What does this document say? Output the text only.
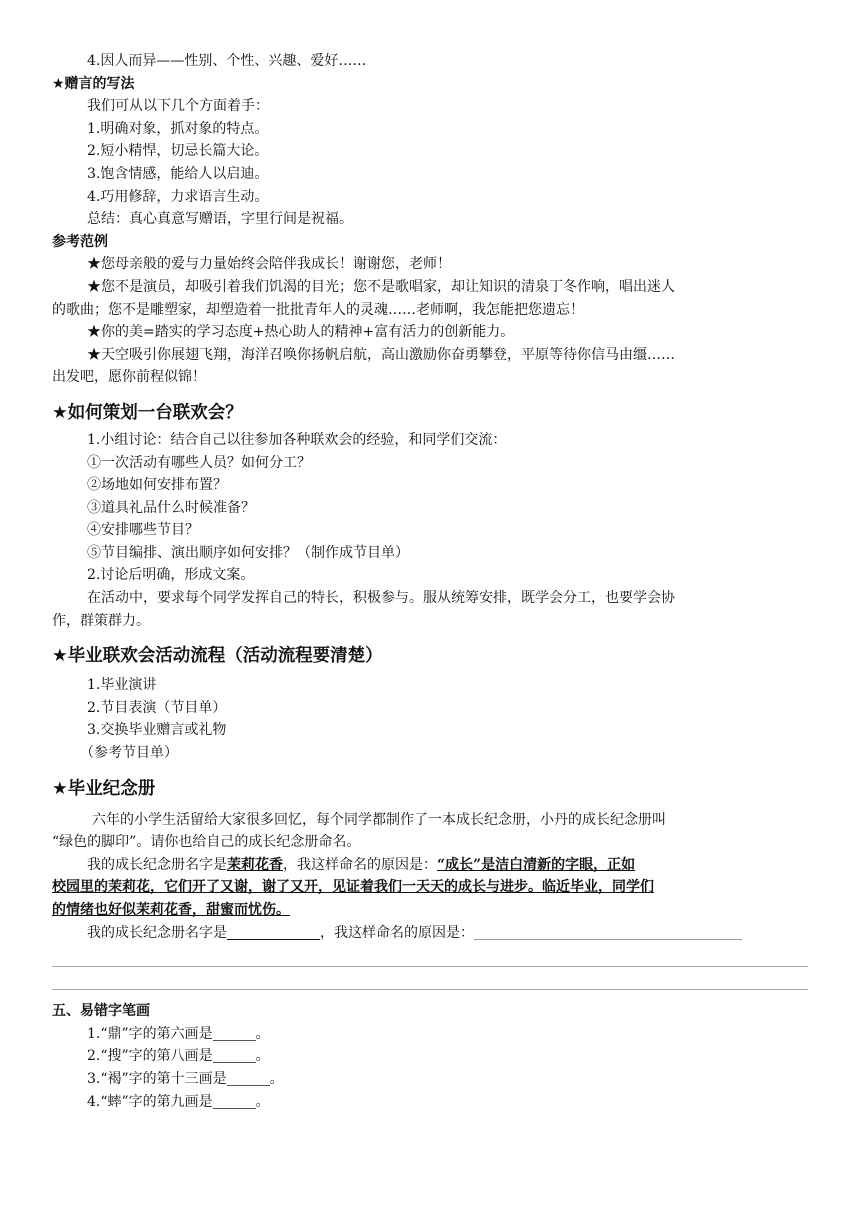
4.因人而异——性别、个性、兴趣、爱好……
★赠言的写法
我们可从以下几个方面着手：
1.明确对象，抓对象的特点。
2.短小精悍，切忌长篇大论。
3.饱含情感，能给人以启迪。
4.巧用修辞，力求语言生动。
总结：真心真意写赠语，字里行间是祝福。
参考范例
★您母亲般的爱与力量始终会陪伴我成长！谢谢您，老师！
★您不是演员，却吸引着我们饥渴的目光；您不是歌唱家，却让知识的清泉丁冬作响，唱出迷人
的歌曲；您不是雕塑家，却塑造着一批批青年人的灵魂……老师啊，我怎能把您遗忘！
★你的美=踏实的学习态度+热心助人的精神+富有活力的创新能力。
★天空吸引你展翅飞翔，海洋召唤你扬帆启航，高山激励你奋勇攀登，平原等待你信马由缰……
出发吧，愿你前程似锦！
★如何策划一台联欢会？
1.小组讨论：结合自己以往参加各种联欢会的经验，和同学们交流：
①一次活动有哪些人员？如何分工？
②场地如何安排布置？
③道具礼品什么时候准备？
④安排哪些节目？
⑤节目编排、演出顺序如何安排？（制作成节目单）
2.讨论后明确，形成文案。
在活动中，要求每个同学发挥自己的特长，积极参与。服从统筹安排，既学会分工，也要学会协
作，群策群力。
★毕业联欢会活动流程（活动流程要清楚）
1.毕业演讲
2.节目表演（节目单）
3.交换毕业赠言或礼物
（参考节目单）
★毕业纪念册
六年的小学生活留给大家很多回忆，每个同学都制作了一本成长纪念册，小丹的成长纪念册叫
“绿色的脚印”。请你也给自己的成长纪念册命名。
我的成长纪念册名字是茉莉花香，我这样命名的原因是：“成长”是洁白清新的字眼，正如
校园里的茉莉花，它们开了又谢，谢了又开，见证着我们一天天的成长与进步。临近毕业，同学们
的情绪也好似茉莉花香，甜蜜而忧伤。
我的成长纪念册名字是	，我这样命名的原因是：
五、易错字笔画
1.“鼎”字的第六画是	。
2.“搜”字的第八画是	。
3.“褐”字的第十三画是	。
4.“蟀”字的第九画是	。
